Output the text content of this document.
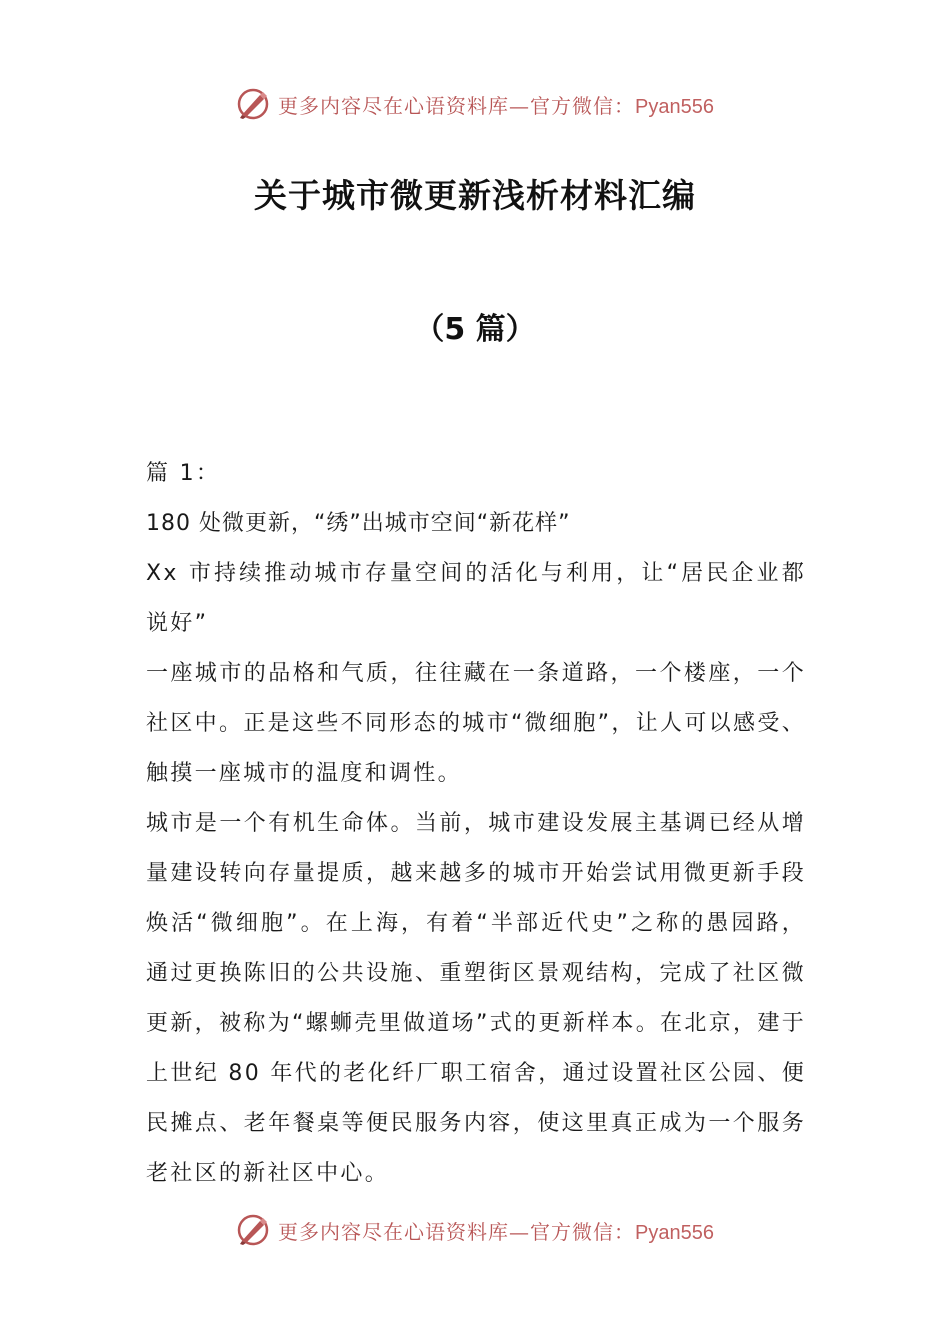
更多内容尽在心语资料库—官方微信：Pyan556
关于城市微更新浅析材料汇编
（5 篇）

篇 1：

180 处微更新，“绣”出城市空间“新花样”

Xx 市持续推动城市存量空间的活化与利用，让“居民企业都说好”

一座城市的品格和气质，往往藏在一条道路，一个楼座，一个社区中。正是这些不同形态的城市“微细胞”，让人可以感受、触摸一座城市的温度和调性。

城市是一个有机生命体。当前，城市建设发展主基调已经从增量建设转向存量提质，越来越多的城市开始尝试用微更新手段焕活“微细胞”。在上海，有着“半部近代史”之称的愚园路，通过更换陈旧的公共设施、重塑街区景观结构，完成了社区微更新，被称为“螺蛳壳里做道场”式的更新样本。在北京，建于上世纪 80 年代的老化纤厂职工宿舍，通过设置社区公园、便民摊点、老年餐桌等便民服务内容，使这里真正成为一个服务老社区的新社区中心。

更多内容尽在心语资料库—官方微信：Pyan556
